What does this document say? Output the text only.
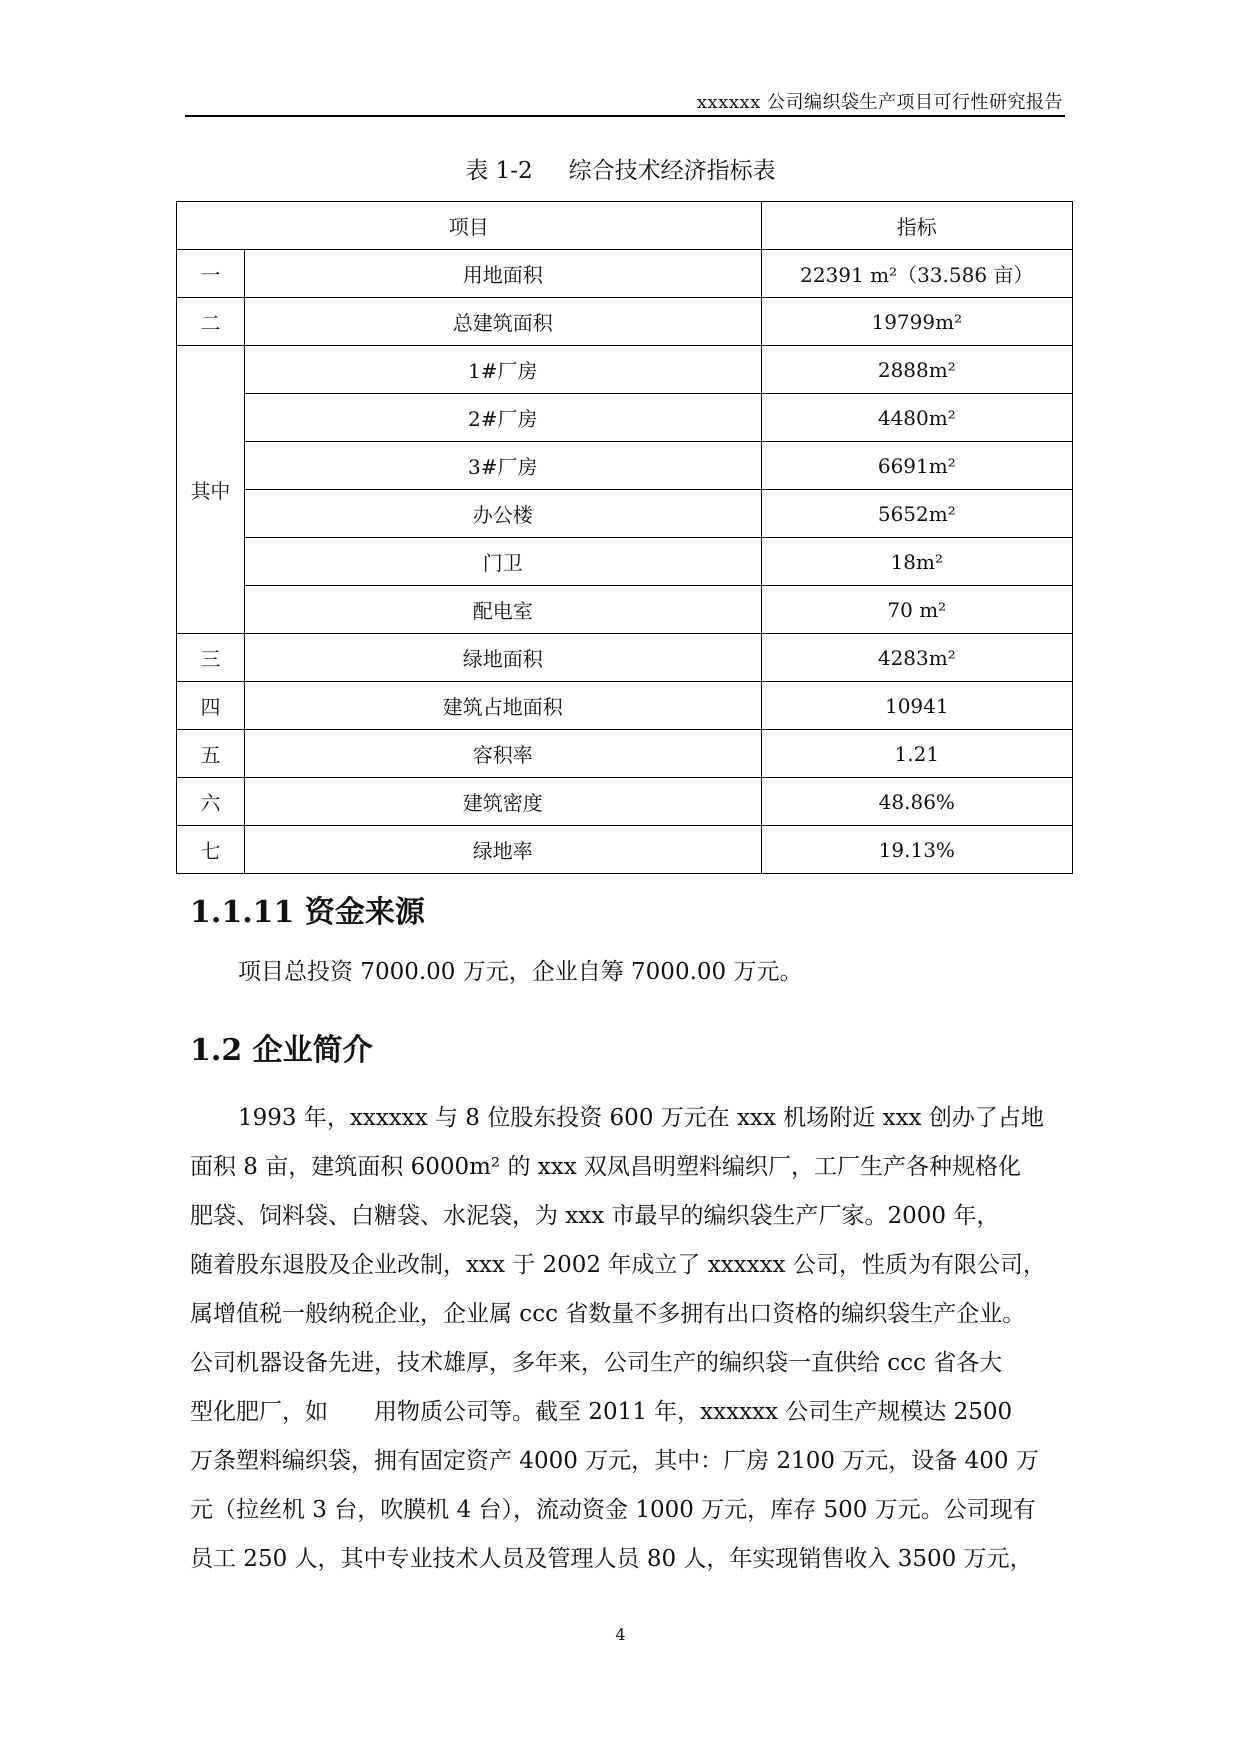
xxxxxx 公司编织袋生产项目可行性研究报告
表 1-2 综合技术经济指标表
项目		指标
一	用地面积	22391 m²（33.586 亩）
二	总建筑面积	19799m²
其中	1#厂房	2888m²
	2#厂房	4480m²
	3#厂房	6691m²
	办公楼	5652m²
	门卫	18m²
	配电室	70 m²
三	绿地面积	4283m²
四	建筑占地面积	10941
五	容积率	1.21
六	建筑密度	48.86%
七	绿地率	19.13%
1.1.11 资金来源
项目总投资 7000.00 万元，企业自筹 7000.00 万元。
1.2 企业简介
1993 年，xxxxxx 与 8 位股东投资 600 万元在 xxx 机场附近 xxx 创办了占地
面积 8 亩，建筑面积 6000m² 的 xxx 双凤昌明塑料编织厂，工厂生产各种规格化
肥袋、饲料袋、白糖袋、水泥袋，为 xxx 市最早的编织袋生产厂家。2000 年，
随着股东退股及企业改制，xxx 于 2002 年成立了 xxxxxx 公司，性质为有限公司，
属增值税一般纳税企业，企业属 ccc 省数量不多拥有出口资格的编织袋生产企业。
公司机器设备先进，技术雄厚，多年来，公司生产的编织袋一直供给 ccc 省各大
型化肥厂，如　　用物质公司等。截至 2011 年，xxxxxx 公司生产规模达 2500
万条塑料编织袋，拥有固定资产 4000 万元，其中：厂房 2100 万元，设备 400 万
元（拉丝机 3 台，吹膜机 4 台），流动资金 1000 万元，库存 500 万元。公司现有
员工 250 人，其中专业技术人员及管理人员 80 人，年实现销售收入 3500 万元，
4
